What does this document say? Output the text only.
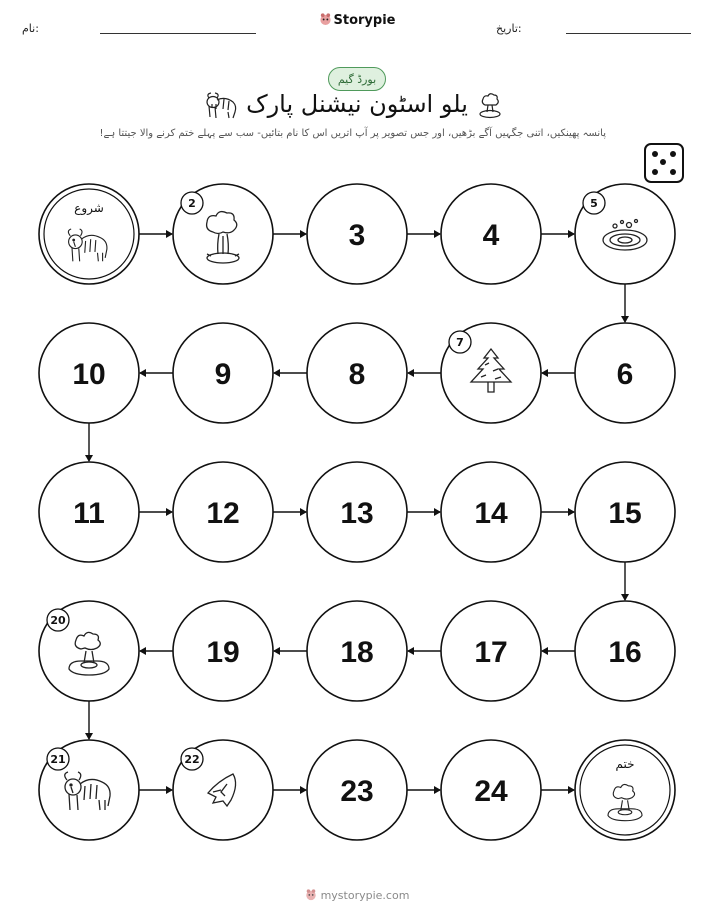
نام:
Storypie
تاریخ:
بورڈ گیم
یلو اسٹون نیشنل پارک
پانسہ پھینکیں، اتنی جگہیں آگے بڑھیں، اور جس تصویر پر آپ اتریں اس کا نام بتائیں- سب سے پہلے ختم کرنے والا جیتتا ہے!
شروع	2
3	4
5
6
7
8
9
10
11	12	13	14	15
16
17
18
19
20
21	22
23	24
ختم
mystorypie.com
